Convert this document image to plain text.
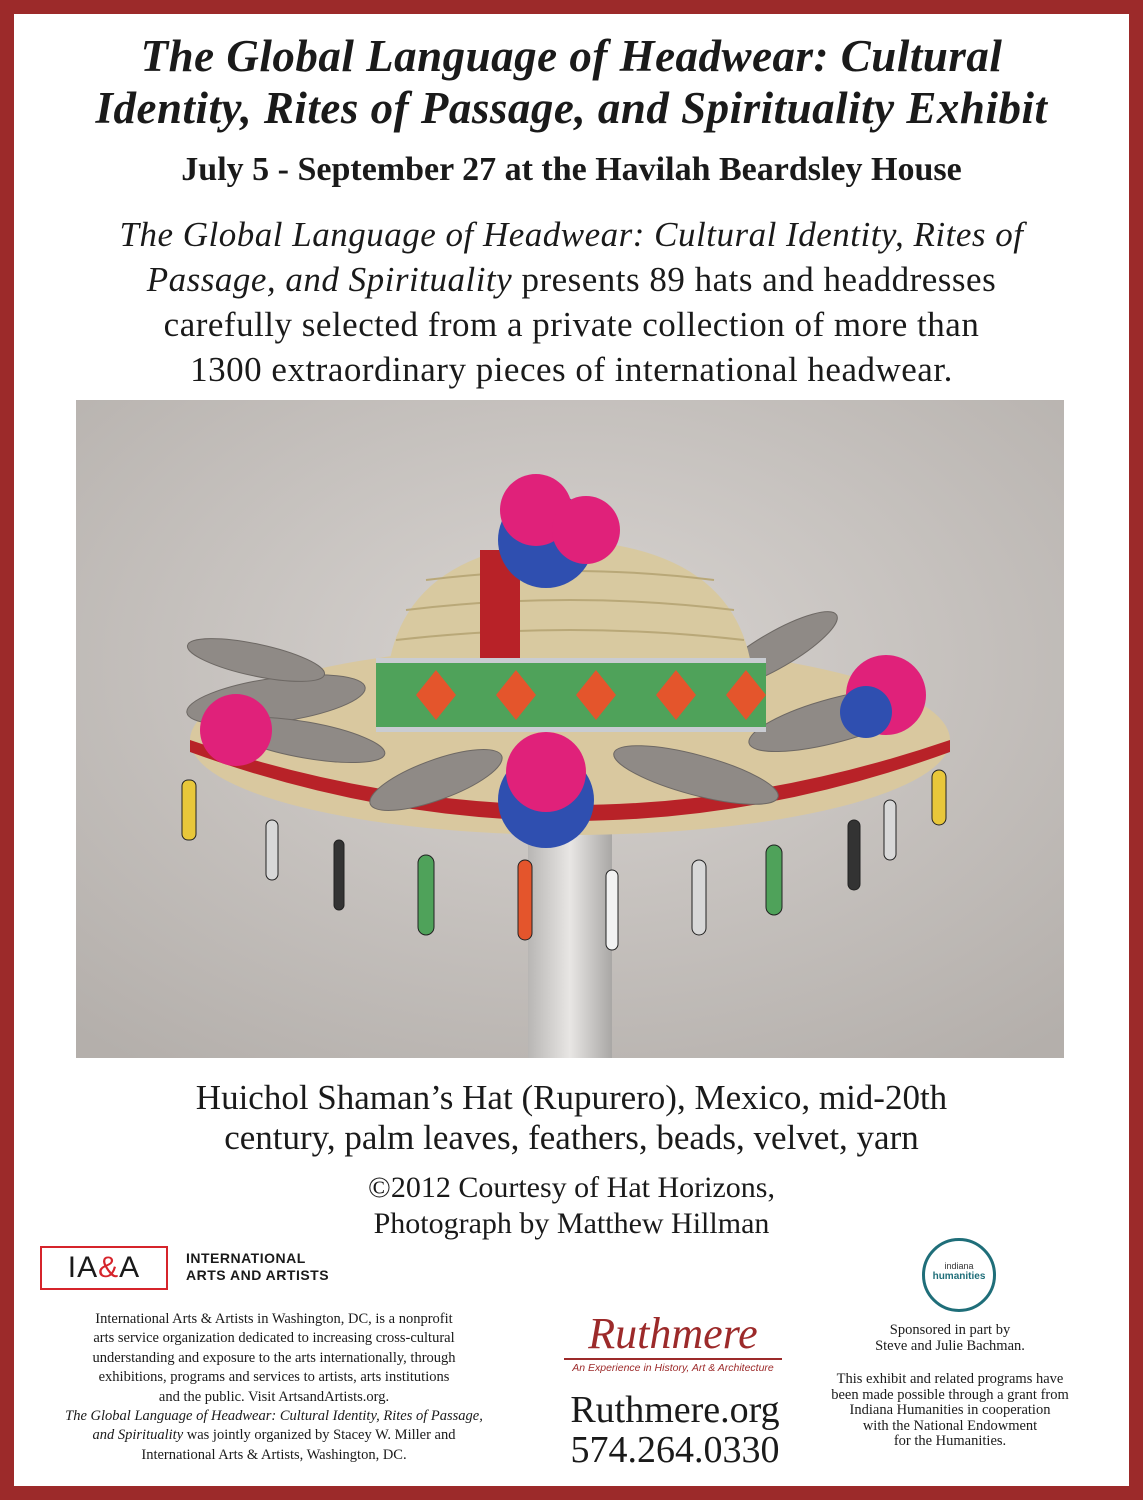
The Global Language of Headwear: Cultural
Identity, Rites of Passage, and Spirituality Exhibit
July 5 - September 27 at the Havilah Beardsley House
The Global Language of Headwear: Cultural Identity, Rites of
Passage, and Spirituality presents 89 hats and headdresses
carefully selected from a private collection of more than
1300 extraordinary pieces of international headwear.
Huichol Shaman’s Hat (Rupurero), Mexico, mid-20th
century, palm leaves, feathers, beads, velvet, yarn
©2012 Courtesy of Hat Horizons,
Photograph by Matthew Hillman
IA&A	INTERNATIONAL
ARTS AND ARTISTS
International Arts & Artists in Washington, DC, is a nonprofit
arts service organization dedicated to increasing cross-cultural
understanding and exposure to the arts internationally, through
exhibitions, programs and services to artists, arts institutions
and the public. Visit ArtsandArtists.org.
The Global Language of Headwear: Cultural Identity, Rites of Passage,
and Spirituality was jointly organized by Stacey W. Miller and
International Arts & Artists, Washington, DC.
Ruthmere
An Experience in History, Art & Architecture
Ruthmere.org
574.264.0330
indiana
humanities
Sponsored in part by
Steve and Julie Bachman.
This exhibit and related programs have
been made possible through a grant from
Indiana Humanities in cooperation
with the National Endowment
for the Humanities.
